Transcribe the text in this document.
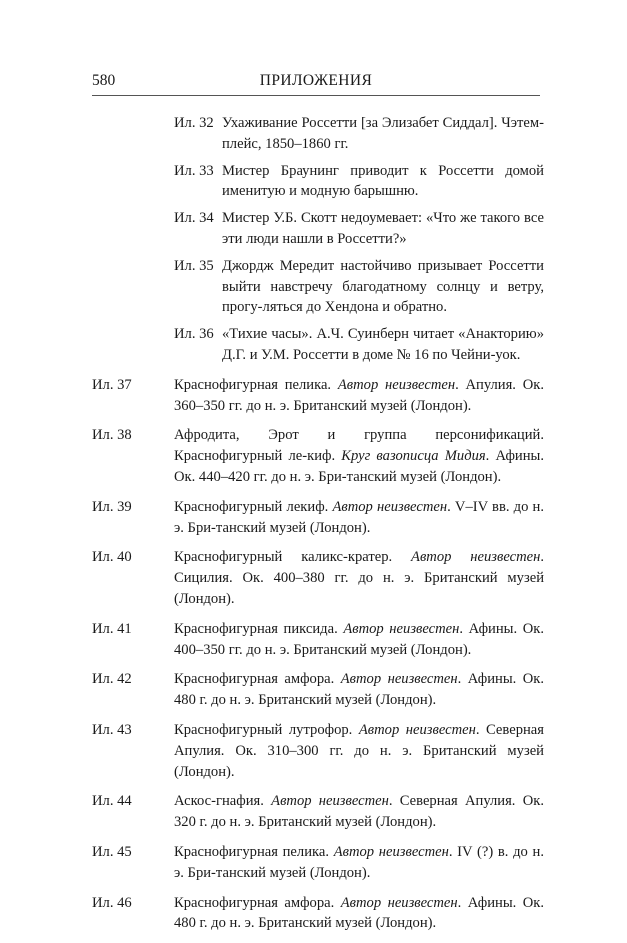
580	ПРИЛОЖЕНИЯ
Ил. 32 Ухаживание Россетти [за Элизабет Сиддал]. Чэтем-плейс, 1850–1860 гг.
Ил. 33 Мистер Браунинг приводит к Россетти домой именитую и модную барышню.
Ил. 34 Мистер У.Б. Скотт недоумевает: «Что же такого все эти люди нашли в Россетти?»
Ил. 35 Джордж Мередит настойчиво призывает Россетти выйти навстречу благодатному солнцу и ветру, прогу-ляться до Хендона и обратно.
Ил. 36 «Тихие часы». А.Ч. Суинберн читает «Анакторию» Д.Г. и У.М. Россетти в доме № 16 по Чейни-уок.
Ил. 37	Краснофигурная пелика. Автор неизвестен. Апулия. Ок. 360–350 гг. до н. э. Британский музей (Лондон).
Ил. 38	Афродита, Эрот и группа персонификаций. Краснофигурный ле-киф. Круг вазописца Мидия. Афины. Ок. 440–420 гг. до н. э. Бри-танский музей (Лондон).
Ил. 39	Краснофигурный лекиф. Автор неизвестен. V–IV вв. до н. э. Бри-танский музей (Лондон).
Ил. 40	Краснофигурный каликс-кратер. Автор неизвестен. Сицилия. Ок. 400–380 гг. до н. э. Британский музей (Лондон).
Ил. 41	Краснофигурная пиксида. Автор неизвестен. Афины. Ок. 400–350 гг. до н. э. Британский музей (Лондон).
Ил. 42	Краснофигурная амфора. Автор неизвестен. Афины. Ок. 480 г. до н. э. Британский музей (Лондон).
Ил. 43	Краснофигурный лутрофор. Автор неизвестен. Северная Апулия. Ок. 310–300 гг. до н. э. Британский музей (Лондон).
Ил. 44	Аскос-гнафия. Автор неизвестен. Северная Апулия. Ок. 320 г. до н. э. Британский музей (Лондон).
Ил. 45	Краснофигурная пелика. Автор неизвестен. IV (?) в. до н. э. Бри-танский музей (Лондон).
Ил. 46	Краснофигурная амфора. Автор неизвестен. Афины. Ок. 480 г. до н. э. Британский музей (Лондон).
